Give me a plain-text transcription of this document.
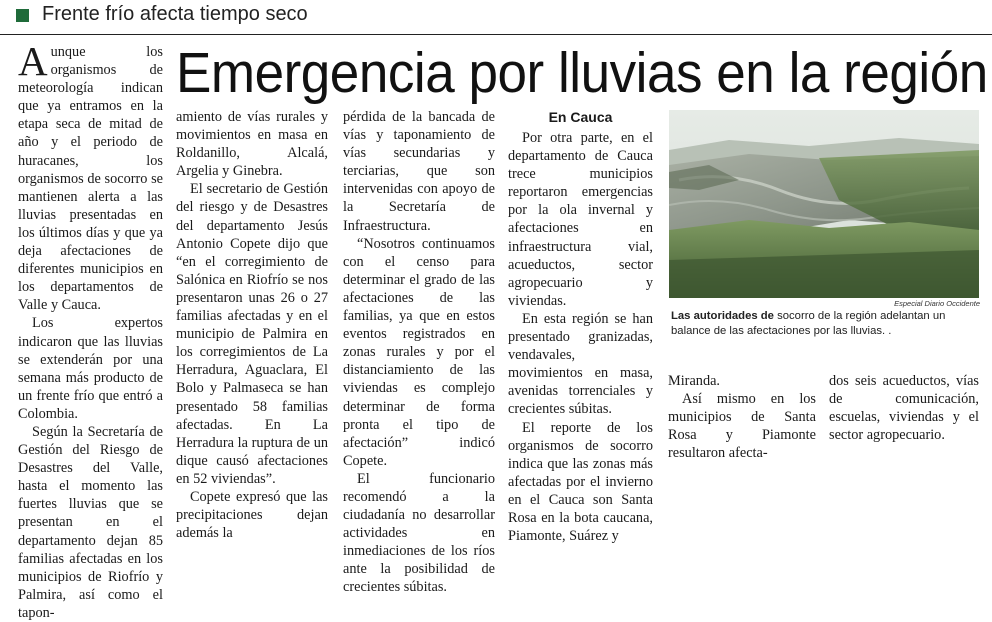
Frente frío afecta tiempo seco
Emergencia por lluvias en la región

Aunque los organismos de meteorología indican que ya entramos en la etapa seca de mitad de año y el periodo de huracanes, los organismos de socorro se mantienen alerta a las lluvias presentadas en los últimos días y que ya deja afectaciones de diferentes municipios en los departamentos de Valle y Cauca.

Los expertos indicaron que las lluvias se extenderán por una semana más producto de un frente frío que entró a Colombia.

Según la Secretaría de Gestión del Riesgo de Desastres del Valle, hasta el momento las fuertes lluvias que se presentan en el departamento dejan 85 familias afectadas en los municipios de Riofrío y Palmira, así como el tapon-

amiento de vías rurales y movimientos en masa en Roldanillo, Alcalá, Argelia y Ginebra.

El secretario de Gestión del riesgo y de Desastres del departamento Jesús Antonio Copete dijo que “en el corregimiento de Salónica en Riofrío se nos presentaron unas 26 o 27 familias afectadas y en el municipio de Palmira en los corregimientos de La Herradura, Aguaclara, El Bolo y Palmaseca se han presentado 58 familias afectadas. En La Herradura la ruptura de un dique causó afectaciones en 52 viviendas”.

Copete expresó que las precipitaciones dejan además la

pérdida de la bancada de vías y taponamiento de vías secundarias y terciarias, que son intervenidas con apoyo de la Secretaría de Infraestructura.

“Nosotros continuamos con el censo para determinar el grado de las afectaciones de las familias, ya que en estos eventos registrados en zonas rurales y por el distanciamiento de las viviendas es complejo determinar de forma pronta el tipo de afectación” indicó Copete.

El funcionario recomendó a la ciudadanía no desarrollar actividades en inmediaciones de los ríos ante la posibilidad de crecientes súbitas.

En Cauca

Por otra parte, en el departamento de Cauca trece municipios reportaron emergencias por la ola invernal y afectaciones en infraestructura vial, acueductos, sector agropecuario y viviendas.

En esta región se han presentado granizadas, vendavales, movimientos en masa, avenidas torrenciales y crecientes súbitas.

El reporte de los organismos de socorro indica que las zonas más afectadas por el invierno en el Cauca son Santa Rosa en la bota caucana, Piamonte, Suárez y

Especial Diario Occidente
Las autoridades de socorro de la región adelantan un balance de las afectaciones por las lluvias. .

Miranda.

Así mismo en los municipios de Santa Rosa y Piamonte resultaron afecta-

dos seis acueductos, vías de comunicación, escuelas, viviendas y el sector agropecuario.
